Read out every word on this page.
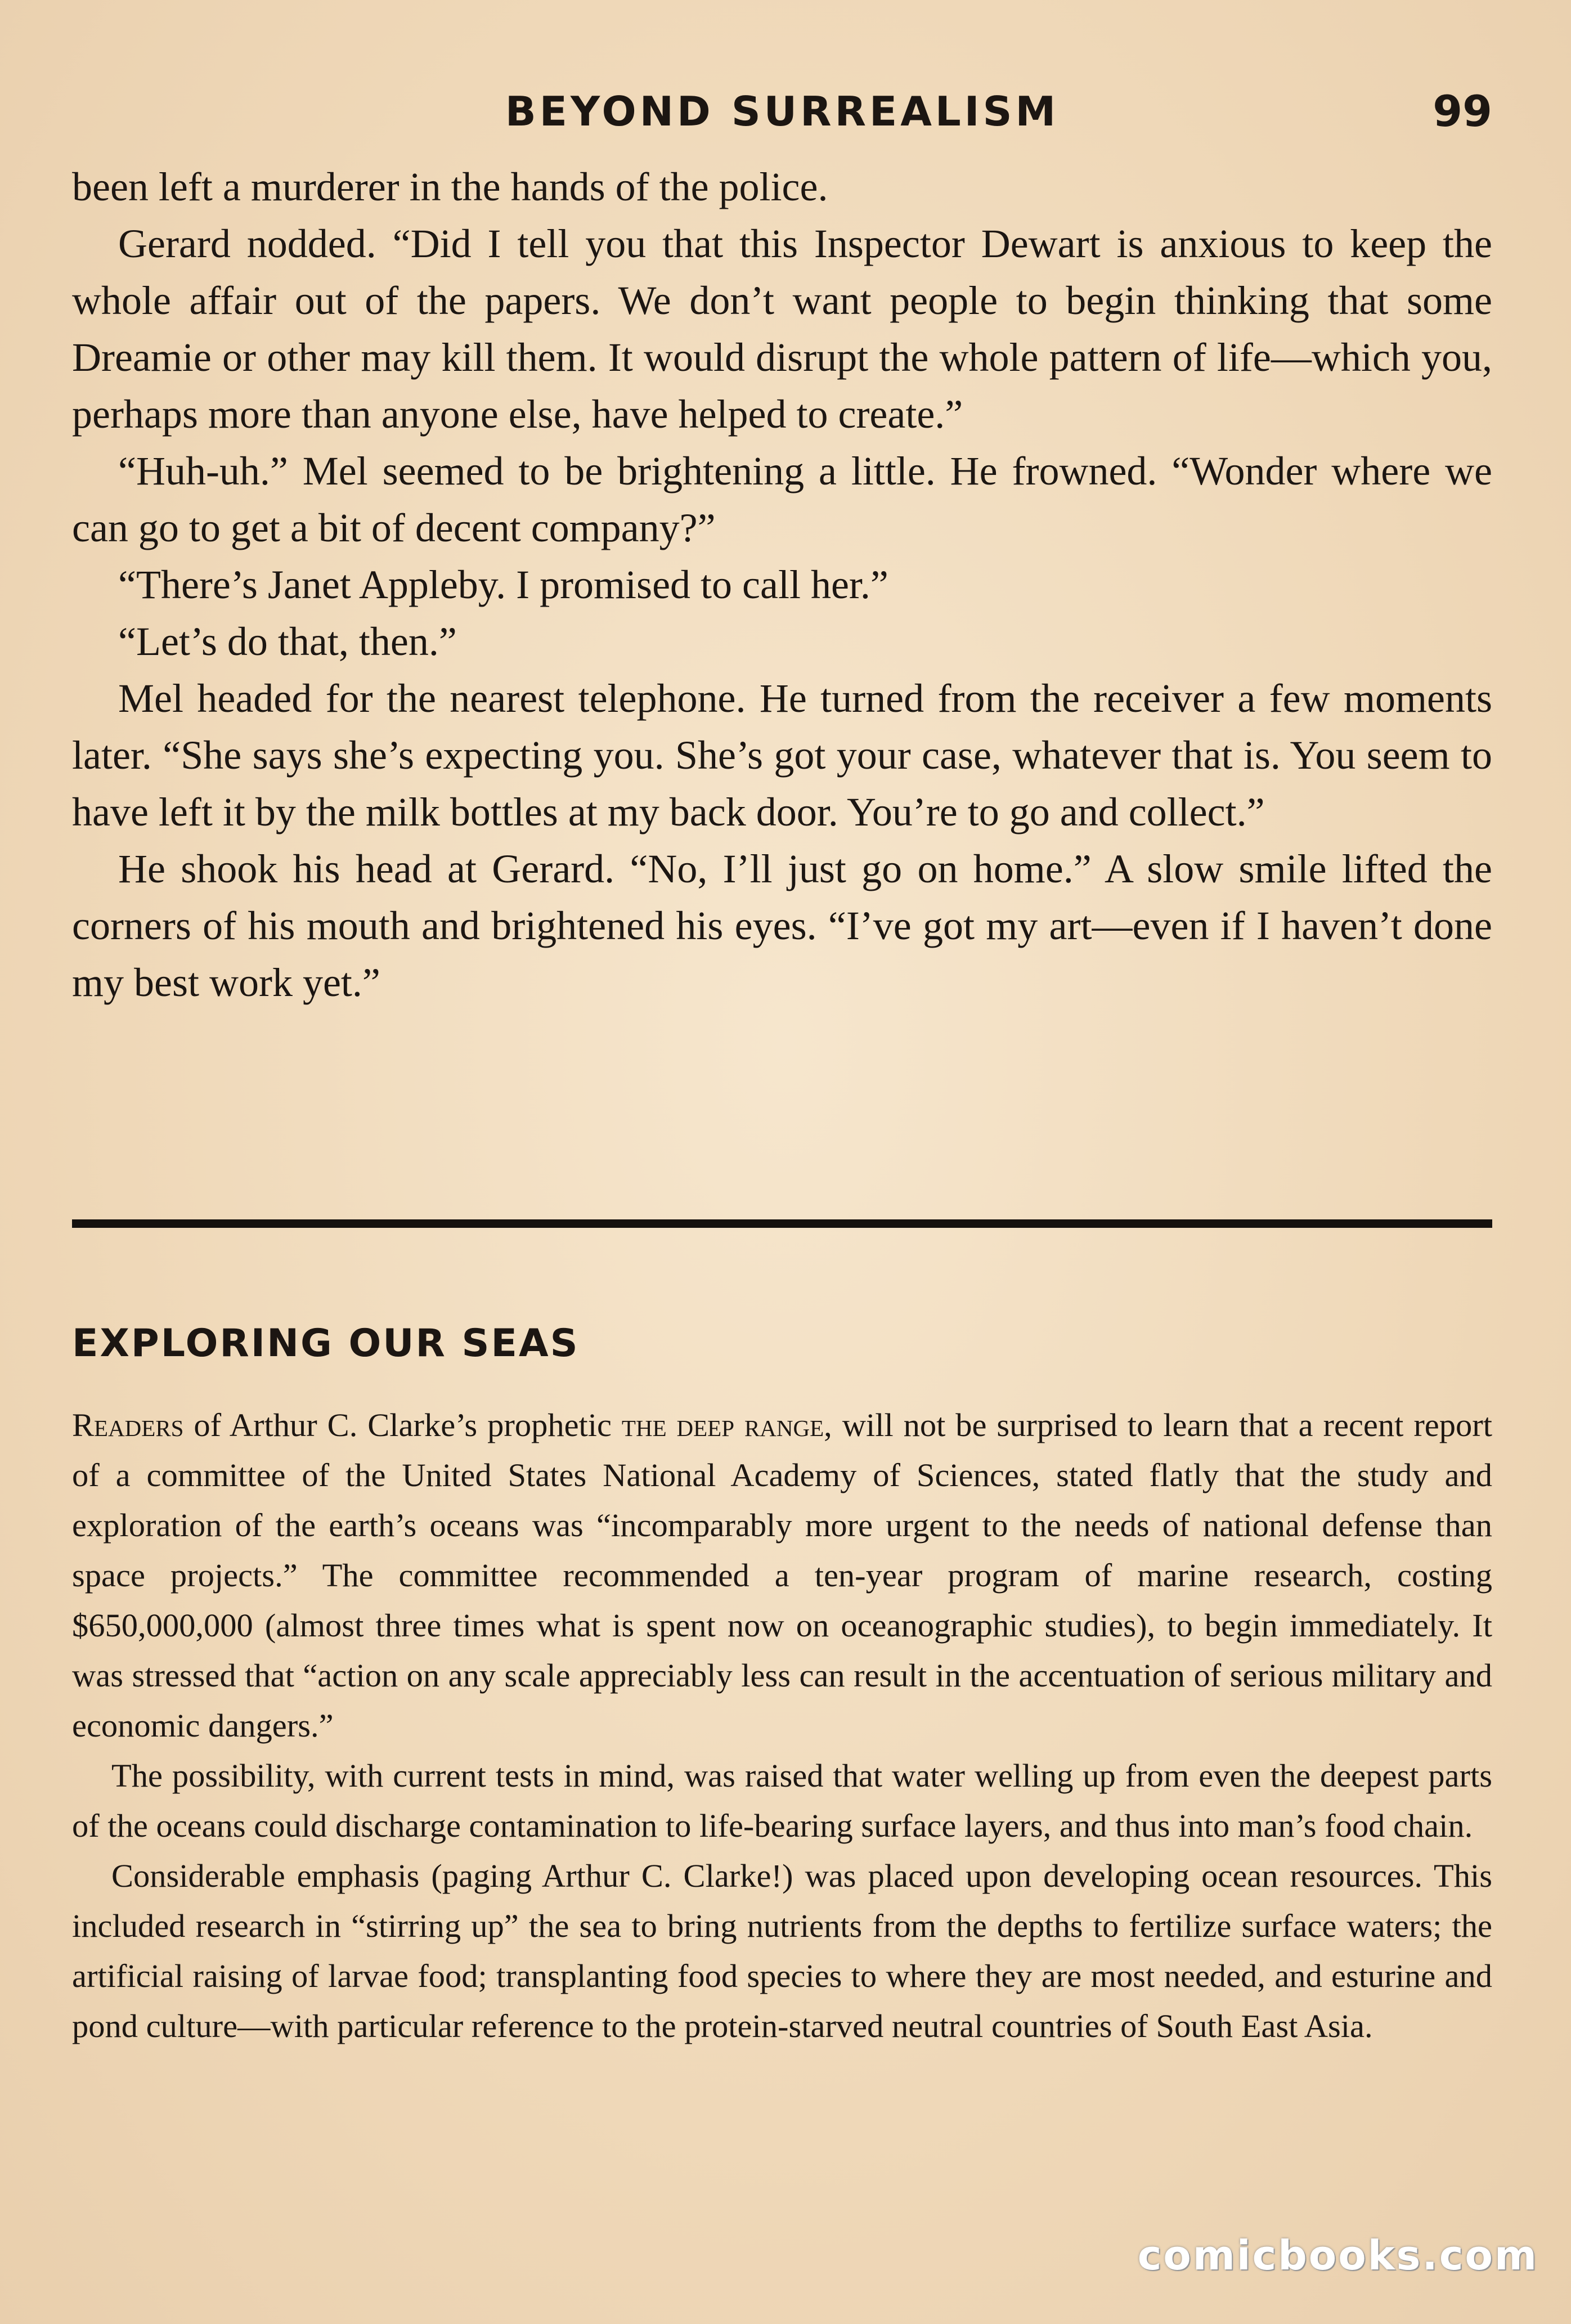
BEYOND SURREALISM	99

been left a murderer in the hands of the police.

Gerard nodded. “Did I tell you that this Inspector Dewart is anxious to keep the whole affair out of the papers. We don’t want people to begin thinking that some Dreamie or other may kill them. It would disrupt the whole pattern of life—which you, perhaps more than anyone else, have helped to create.”

“Huh-uh.” Mel seemed to be brightening a little. He frowned. “Wonder where we can go to get a bit of decent company?”

“There’s Janet Appleby. I promised to call her.”

“Let’s do that, then.”

Mel headed for the nearest telephone. He turned from the receiver a few moments later. “She says she’s expecting you. She’s got your case, whatever that is. You seem to have left it by the milk bottles at my back door. You’re to go and collect.”

He shook his head at Gerard. “No, I’ll just go on home.” A slow smile lifted the corners of his mouth and brightened his eyes. “I’ve got my art—even if I haven’t done my best work yet.”

EXPLORING OUR SEAS

Readers of Arthur C. Clarke’s prophetic the deep range, will not be surprised to learn that a recent report of a committee of the United States National Academy of Sciences, stated flatly that the study and exploration of the earth’s oceans was “incomparably more urgent to the needs of national defense than space projects.” The committee recommended a ten-year program of marine research, costing $650,000,000 (almost three times what is spent now on oceanographic studies), to begin immediately. It was stressed that “action on any scale appreciably less can result in the accentuation of serious military and economic dangers.”

The possibility, with current tests in mind, was raised that water welling up from even the deepest parts of the oceans could discharge contamination to life-bearing surface layers, and thus into man’s food chain.

Considerable emphasis (paging Arthur C. Clarke!) was placed upon developing ocean resources. This included research in “stirring up” the sea to bring nutrients from the depths to fertilize surface waters; the artificial raising of larvae food; transplanting food species to where they are most needed, and esturine and pond culture—with particular reference to the protein-starved neutral countries of South East Asia.

comicbooks.com
